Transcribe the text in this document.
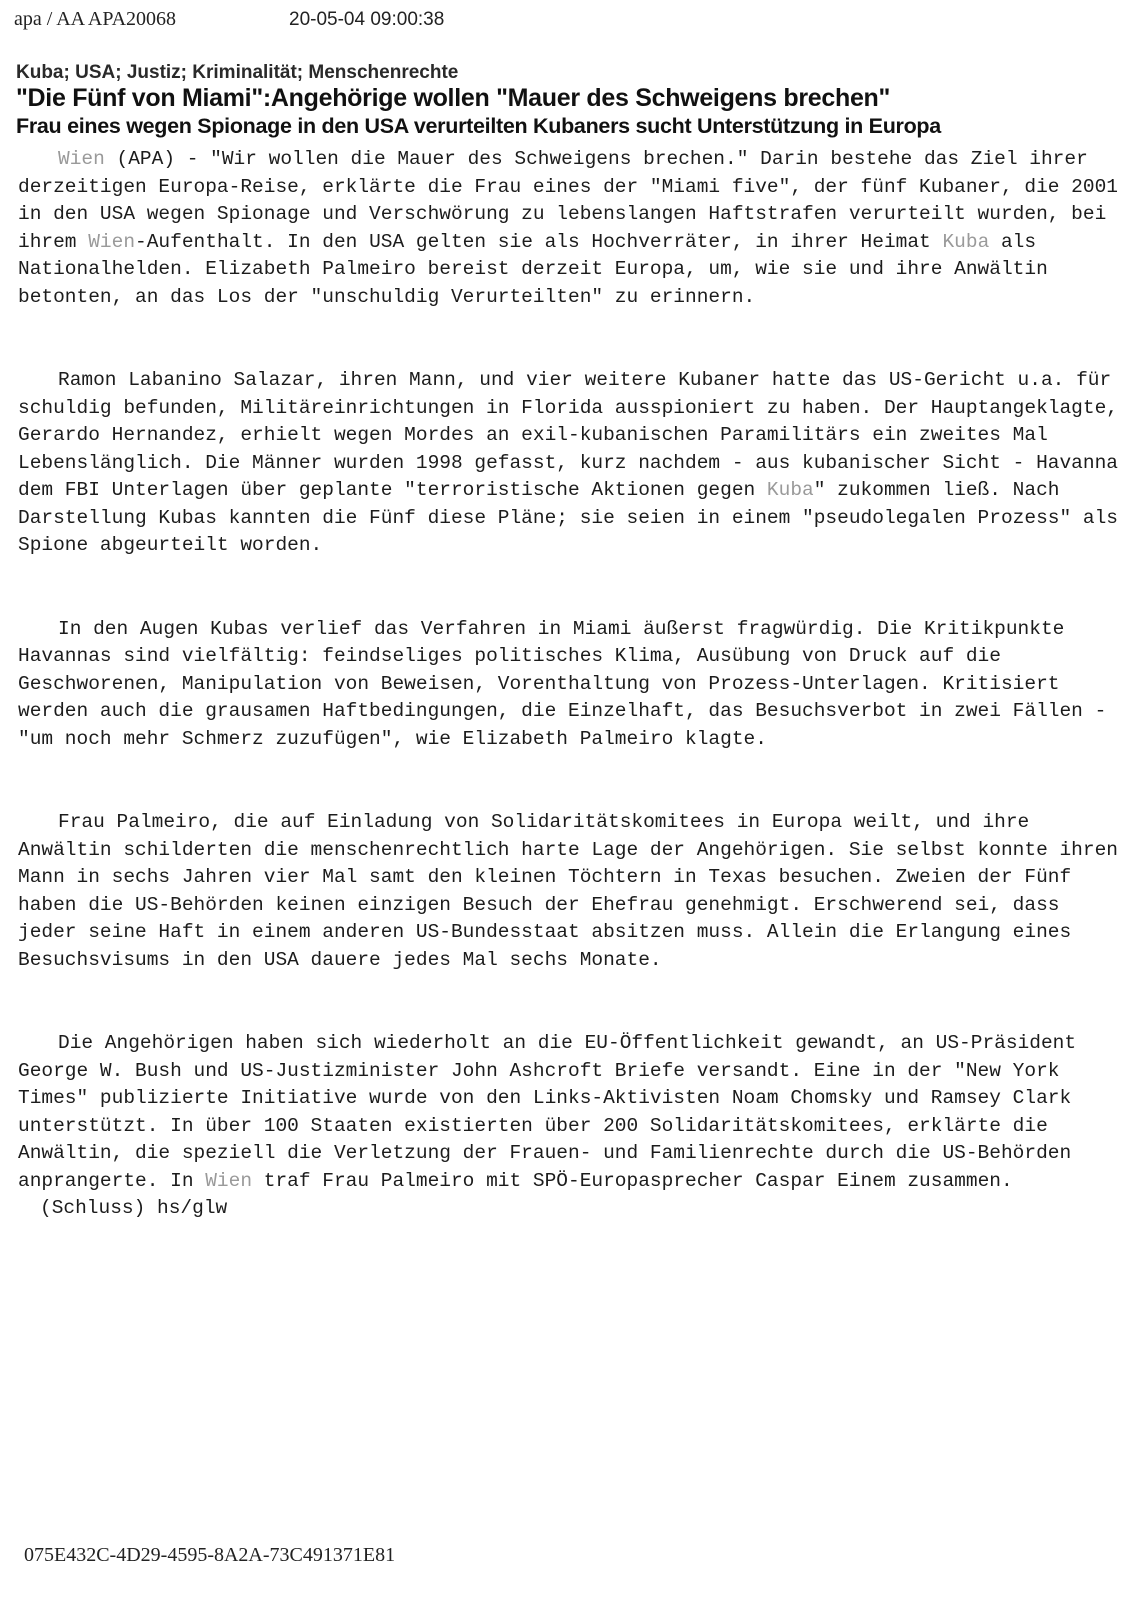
apa / AA APA20068	20-05-04 09:00:38
Kuba; USA; Justiz; Kriminalität; Menschenrechte
"Die Fünf von Miami":Angehörige wollen "Mauer des Schweigens brechen"
Frau eines wegen Spionage in den USA verurteilten Kubaners sucht Unterstützung in Europa

Wien (APA) - "Wir wollen die Mauer des Schweigens brechen." Darin bestehe das Ziel ihrer derzeitigen Europa-Reise, erklärte die Frau eines der "Miami five", der fünf Kubaner, die 2001 in den USA wegen Spionage und Verschwörung zu lebenslangen Haftstrafen verurteilt wurden, bei ihrem Wien-Aufenthalt. In den USA gelten sie als Hochverräter, in ihrer Heimat Kuba als Nationalhelden. Elizabeth Palmeiro bereist derzeit Europa, um, wie sie und ihre Anwältin betonten, an das Los der "unschuldig Verurteilten" zu erinnern.

Ramon Labanino Salazar, ihren Mann, und vier weitere Kubaner hatte das US-Gericht u.a. für schuldig befunden, Militäreinrichtungen in Florida ausspioniert zu haben. Der Hauptangeklagte, Gerardo Hernandez, erhielt wegen Mordes an exil-kubanischen Paramilitärs ein zweites Mal Lebenslänglich. Die Männer wurden 1998 gefasst, kurz nachdem - aus kubanischer Sicht - Havanna dem FBI Unterlagen über geplante "terroristische Aktionen gegen Kuba" zukommen ließ. Nach Darstellung Kubas kannten die Fünf diese Pläne; sie seien in einem "pseudolegalen Prozess" als Spione abgeurteilt worden.

In den Augen Kubas verlief das Verfahren in Miami äußerst fragwürdig. Die Kritikpunkte Havannas sind vielfältig: feindseliges politisches Klima, Ausübung von Druck auf die Geschworenen, Manipulation von Beweisen, Vorenthaltung von Prozess-Unterlagen. Kritisiert werden auch die grausamen Haftbedingungen, die Einzelhaft, das Besuchsverbot in zwei Fällen - "um noch mehr Schmerz zuzufügen", wie Elizabeth Palmeiro klagte.

Frau Palmeiro, die auf Einladung von Solidaritätskomitees in Europa weilt, und ihre Anwältin schilderten die menschenrechtlich harte Lage der Angehörigen. Sie selbst konnte ihren Mann in sechs Jahren vier Mal samt den kleinen Töchtern in Texas besuchen. Zweien der Fünf haben die US-Behörden keinen einzigen Besuch der Ehefrau genehmigt. Erschwerend sei, dass jeder seine Haft in einem anderen US-Bundesstaat absitzen muss. Allein die Erlangung eines Besuchsvisums in den USA dauere jedes Mal sechs Monate.

Die Angehörigen haben sich wiederholt an die EU-Öffentlichkeit gewandt, an US-Präsident George W. Bush und US-Justizminister John Ashcroft Briefe versandt. Eine in der "New York Times" publizierte Initiative wurde von den Links-Aktivisten Noam Chomsky und Ramsey Clark unterstützt. In über 100 Staaten existierten über 200 Solidaritätskomitees, erklärte die Anwältin, die speziell die Verletzung der Frauen- und Familienrechte durch die US-Behörden anprangerte. In Wien traf Frau Palmeiro mit SPÖ-Europasprecher Caspar Einem zusammen.

(Schluss) hs/glw

075E432C-4D29-4595-8A2A-73C491371E81
